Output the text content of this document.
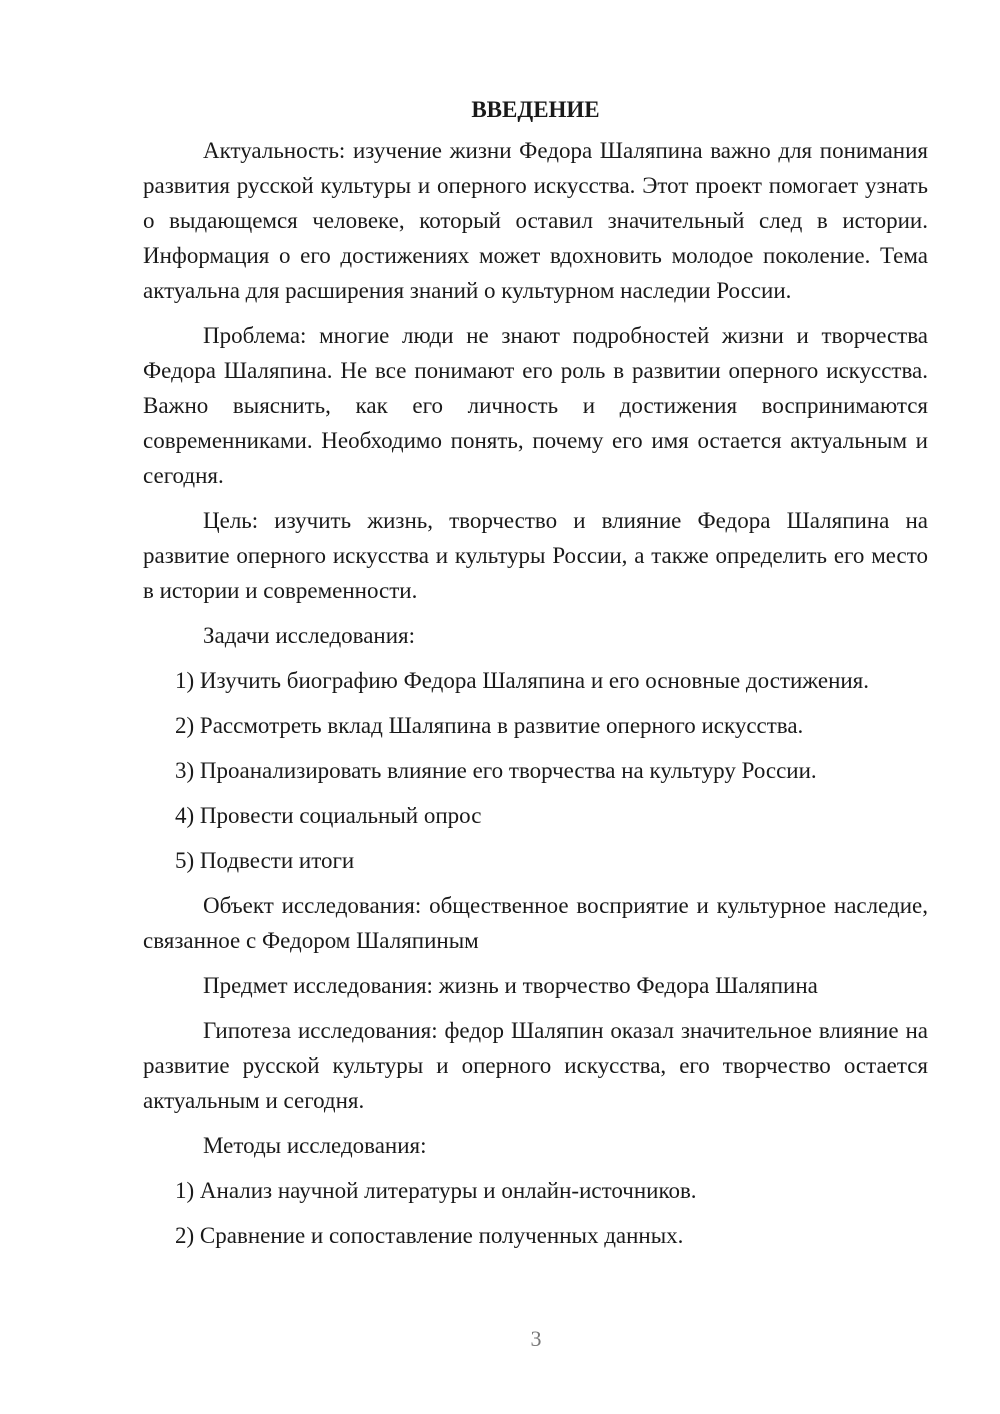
ВВЕДЕНИЕ

Актуальность: изучение жизни Федора Шаляпина важно для понимания развития русской культуры и оперного искусства. Этот проект помогает узнать о выдающемся человеке, который оставил значительный след в истории. Информация о его достижениях может вдохновить молодое поколение. Тема актуальна для расширения знаний о культурном наследии России.

Проблема: многие люди не знают подробностей жизни и творчества Федора Шаляпина. Не все понимают его роль в развитии оперного искусства. Важно выяснить, как его личность и достижения воспринимаются современниками. Необходимо понять, почему его имя остается актуальным и сегодня.

Цель: изучить жизнь, творчество и влияние Федора Шаляпина на развитие оперного искусства и культуры России, а также определить его место в истории и современности.

Задачи исследования:

1) Изучить биографию Федора Шаляпина и его основные достижения.
2) Рассмотреть вклад Шаляпина в развитие оперного искусства.
3) Проанализировать влияние его творчества на культуру России.
4) Провести социальный опрос
5) Подвести итоги

Объект исследования: общественное восприятие и культурное наследие, связанное с Федором Шаляпиным

Предмет исследования: жизнь и творчество Федора Шаляпина

Гипотеза исследования: федор Шаляпин оказал значительное влияние на развитие русской культуры и оперного искусства, его творчество остается актуальным и сегодня.

Методы исследования:

1) Анализ научной литературы и онлайн-источников.
2) Сравнение и сопоставление полученных данных.
3
